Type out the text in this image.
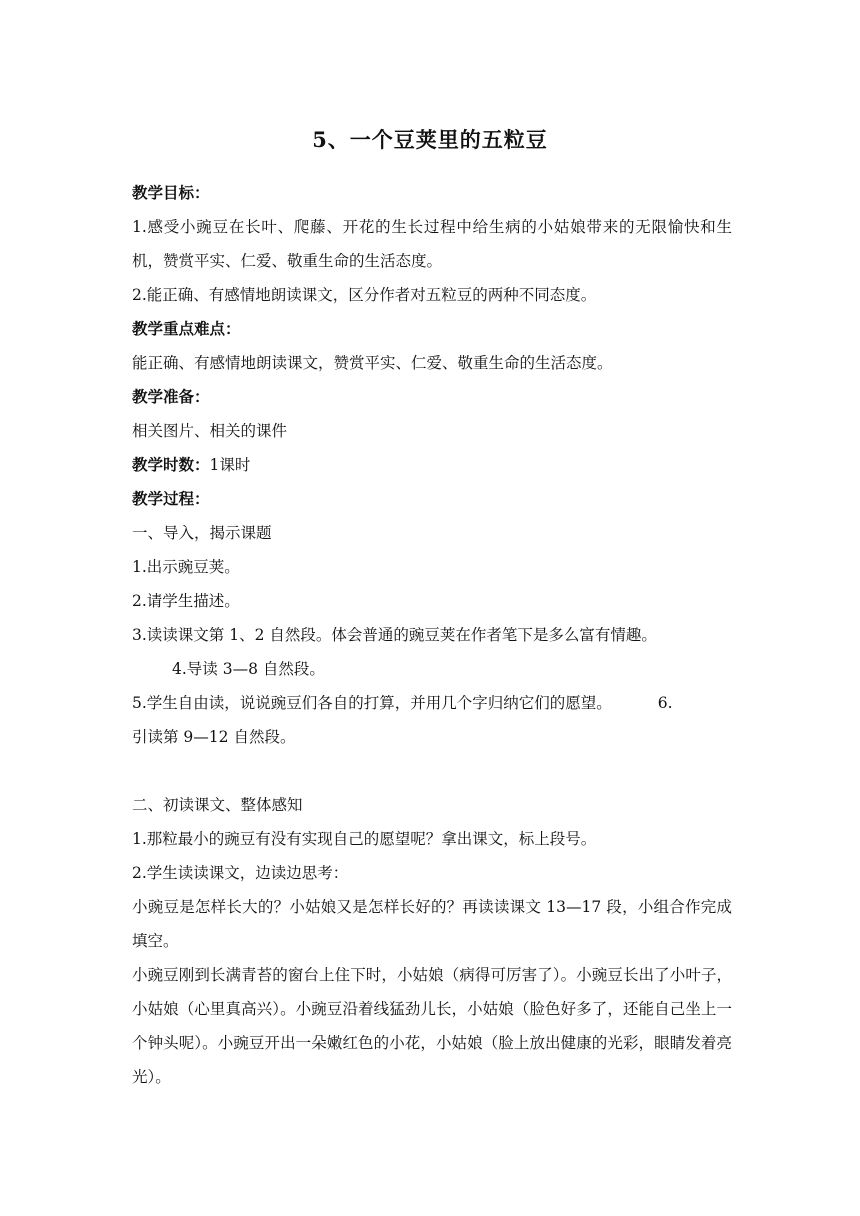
5、一个豆荚里的五粒豆
教学目标：
1.感受小豌豆在长叶、爬藤、开花的生长过程中给生病的小姑娘带来的无限愉快和生机，赞赏平实、仁爱、敬重生命的生活态度。
2.能正确、有感情地朗读课文，区分作者对五粒豆的两种不同态度。
教学重点难点：
能正确、有感情地朗读课文，赞赏平实、仁爱、敬重生命的生活态度。
教学准备：
相关图片、相关的课件
教学时数：1课时
教学过程：
一、导入，揭示课题
1.出示豌豆荚。
2.请学生描述。
3.读读课文第 1、2 自然段。体会普通的豌豆荚在作者笔下是多么富有情趣。
4.导读 3—8 自然段。
5.学生自由读，说说豌豆们各自的打算，并用几个字归纳它们的愿望。	6.
引读第 9—12 自然段。
二、初读课文、整体感知
1.那粒最小的豌豆有没有实现自己的愿望呢？拿出课文，标上段号。
2.学生读读课文，边读边思考：
小豌豆是怎样长大的？小姑娘又是怎样长好的？再读读课文 13—17 段，小组合作完成填空。
小豌豆刚到长满青苔的窗台上住下时，小姑娘（病得可厉害了）。小豌豆长出了小叶子，小姑娘（心里真高兴）。小豌豆沿着线猛劲儿长，小姑娘（脸色好多了，还能自己坐上一个钟头呢）。小豌豆开出一朵嫩红色的小花，小姑娘（脸上放出健康的光彩，眼睛发着亮光）。
